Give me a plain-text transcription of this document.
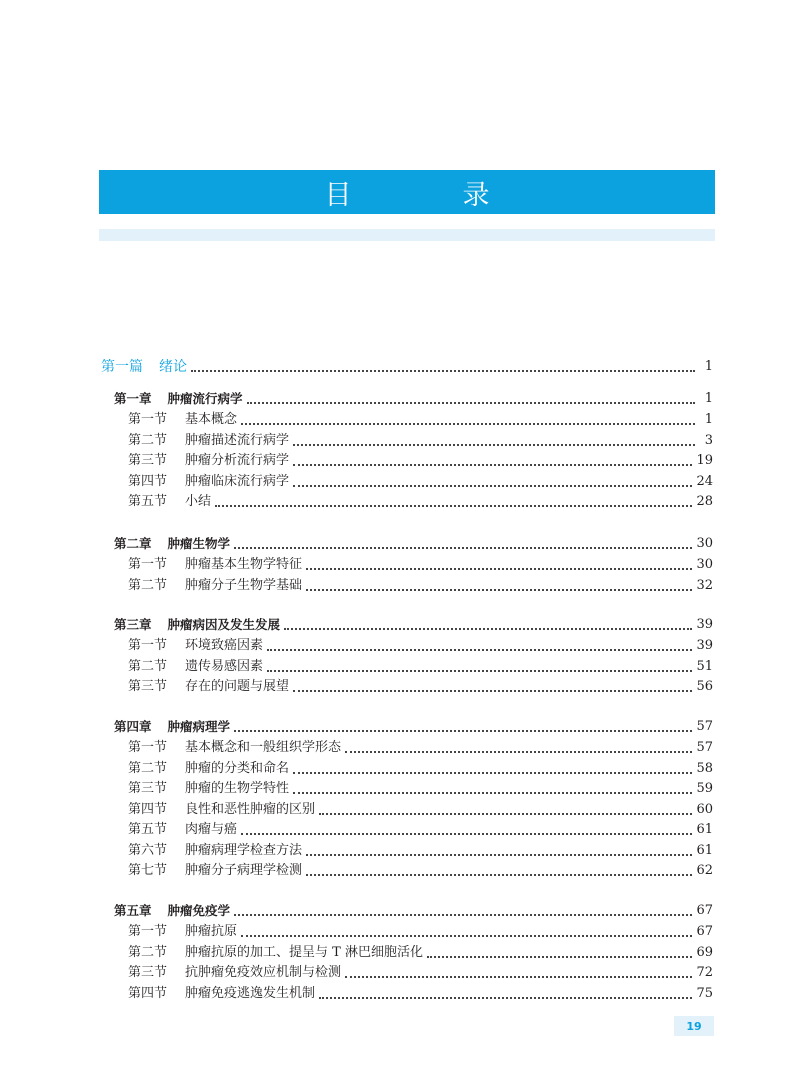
目　录
第一篇 绪论	1
第一章 肿瘤流行病学	1
第一节 基本概念	1
第二节 肿瘤描述流行病学	3
第三节 肿瘤分析流行病学	19
第四节 肿瘤临床流行病学	24
第五节 小结	28
第二章 肿瘤生物学	30
第一节 肿瘤基本生物学特征	30
第二节 肿瘤分子生物学基础	32
第三章 肿瘤病因及发生发展	39
第一节 环境致癌因素	39
第二节 遗传易感因素	51
第三节 存在的问题与展望	56
第四章 肿瘤病理学	57
第一节 基本概念和一般组织学形态	57
第二节 肿瘤的分类和命名	58
第三节 肿瘤的生物学特性	59
第四节 良性和恶性肿瘤的区别	60
第五节 肉瘤与癌	61
第六节 肿瘤病理学检查方法	61
第七节 肿瘤分子病理学检测	62
第五章 肿瘤免疫学	67
第一节 肿瘤抗原	67
第二节 肿瘤抗原的加工、提呈与 T 淋巴细胞活化	69
第三节 抗肿瘤免疫效应机制与检测	72
第四节 肿瘤免疫逃逸发生机制	75
19
